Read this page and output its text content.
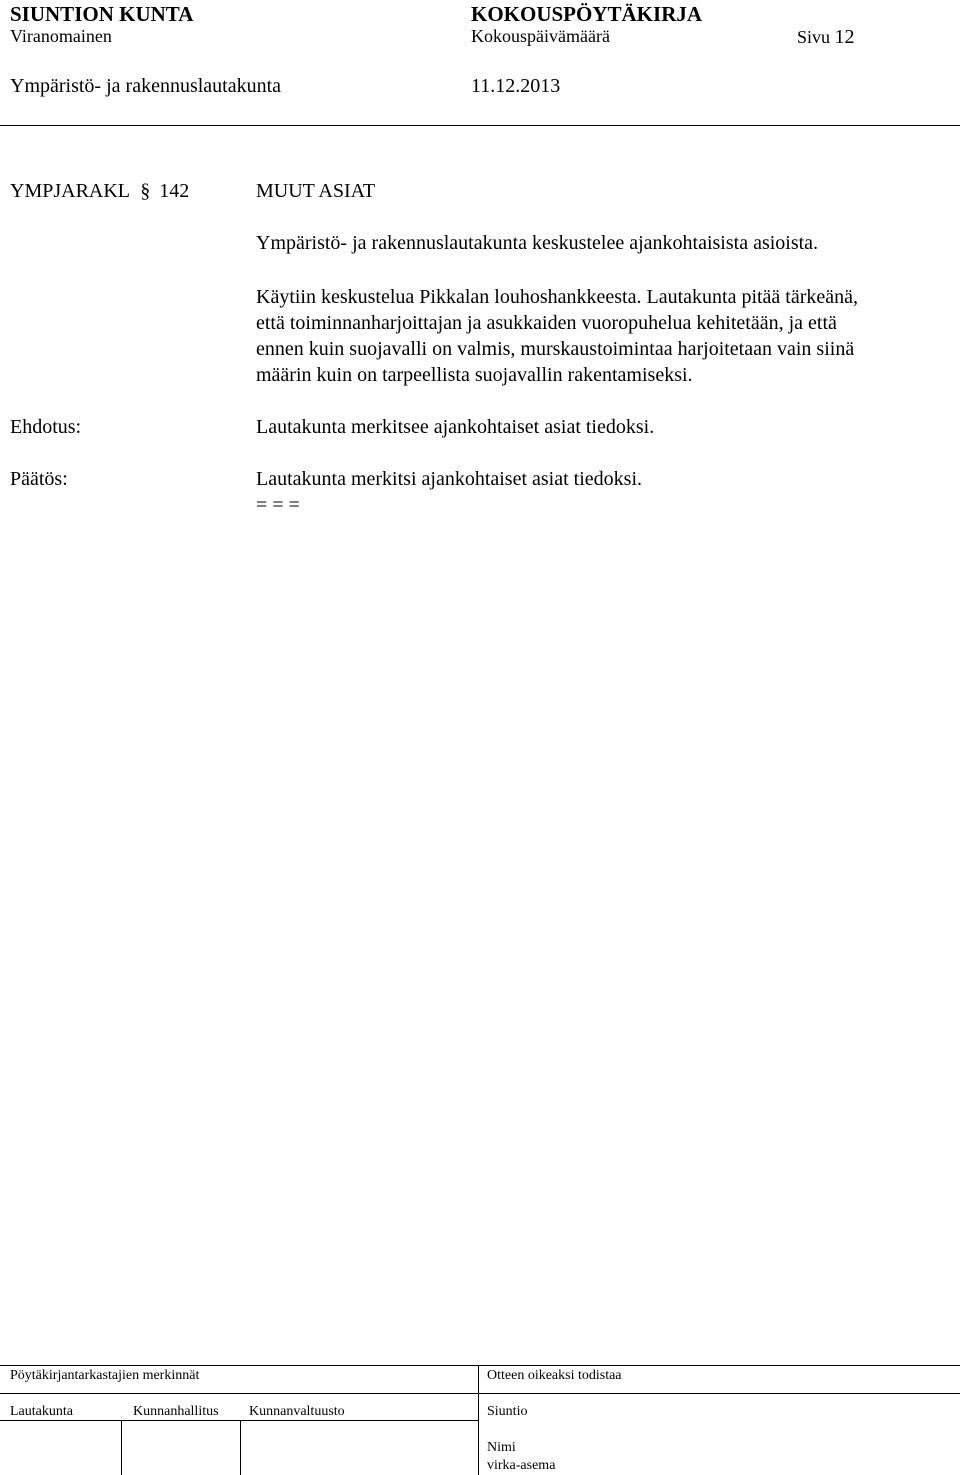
SIUNTION KUNTA	KOKOUSPÖYTÄKIRJA
Viranomainen	Kokouspäivämäärä	Sivu 12
Ympäristö- ja rakennuslautakunta	11.12.2013
YMPJARAKL § 142	MUUT ASIAT
Ympäristö- ja rakennuslautakunta keskustelee ajankohtaisista asioista.
Käytiin keskustelua Pikkalan louhoshankkeesta. Lautakunta pitää tärkeänä,
että toiminnanharjoittajan ja asukkaiden vuoropuhelua kehitetään, ja että
ennen kuin suojavalli on valmis, murskaustoimintaa harjoitetaan vain siinä
määrin kuin on tarpeellista suojavallin rakentamiseksi.
Ehdotus:	Lautakunta merkitsee ajankohtaiset asiat tiedoksi.
Päätös:	Lautakunta merkitsi ajankohtaiset asiat tiedoksi.
= = =
Pöytäkirjantarkastajien merkinnät	Otteen oikeaksi todistaa
Lautakunta	Kunnanhallitus Kunnanvaltuusto	Siuntio
Nimi
virka-asema
